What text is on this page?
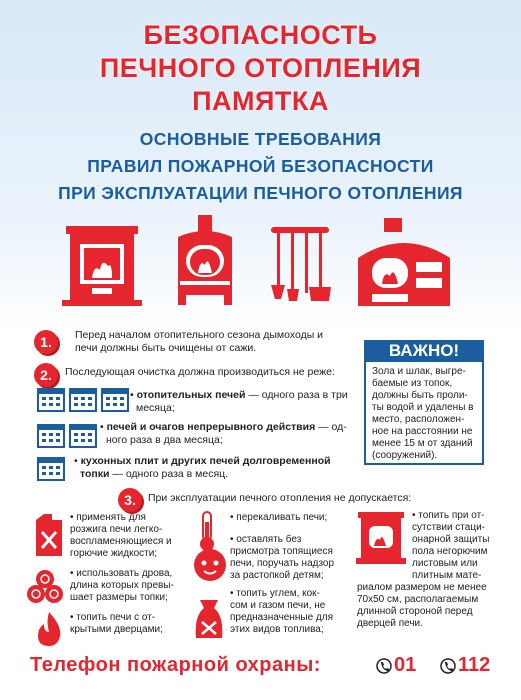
БЕЗОПАСНОСТЬ
ПЕЧНОГО ОТОПЛЕНИЯ
ПАМЯТКА
ОСНОВНЫЕ ТРЕБОВАНИЯ
ПРАВИЛ ПОЖАРНОЙ БЕЗОПАСНОСТИ
ПРИ ЭКСПЛУАТАЦИИ ПЕЧНОГО ОТОПЛЕНИЯ
1.	Перед началом отопительного сезона дымоходы и
печи должны быть очищены от сажи.
2.	Последующая очистка должна производиться не реже:
• отопительных печей — одного раза в три
месяца;
• печей и очагов непрерывного действия — од-
ного раза в два месяца;
• кухонных плит и других печей долговременной
топки — одного раза в месяц.
ВАЖНО!
Зола и шлак, выгре-
баемые из топок,
должны быть проли-
ты водой и удалены в
место, расположен-
ное на расстоянии не
менее 15 м от зданий
(сооружений).
3.	При эксплуатации печного отопления не допускается:
• применять для
розжига печи легко-
воспламеняющиеся и
горючие жидкости;
• использовать дрова,
длина которых превы-
шает размеры топки;
• топить печи с от-
крытыми дверцами;
• перекаливать печи;
• оставлять без
присмотра топящиеся
печи, поручать надзор
за растопкой детям;
• топить углем, кок-
сом и газом печи, не
предназначенные для
этих видов топлива;
• топить при от-
сутствии стаци-
онарной защиты
пола негорючим
листовым или
плитным мате-
риалом размером не менее
70х50 см, располагаемым
длинной стороной перед
дверцей печи.
Телефон пожарной охраны:	01 112
